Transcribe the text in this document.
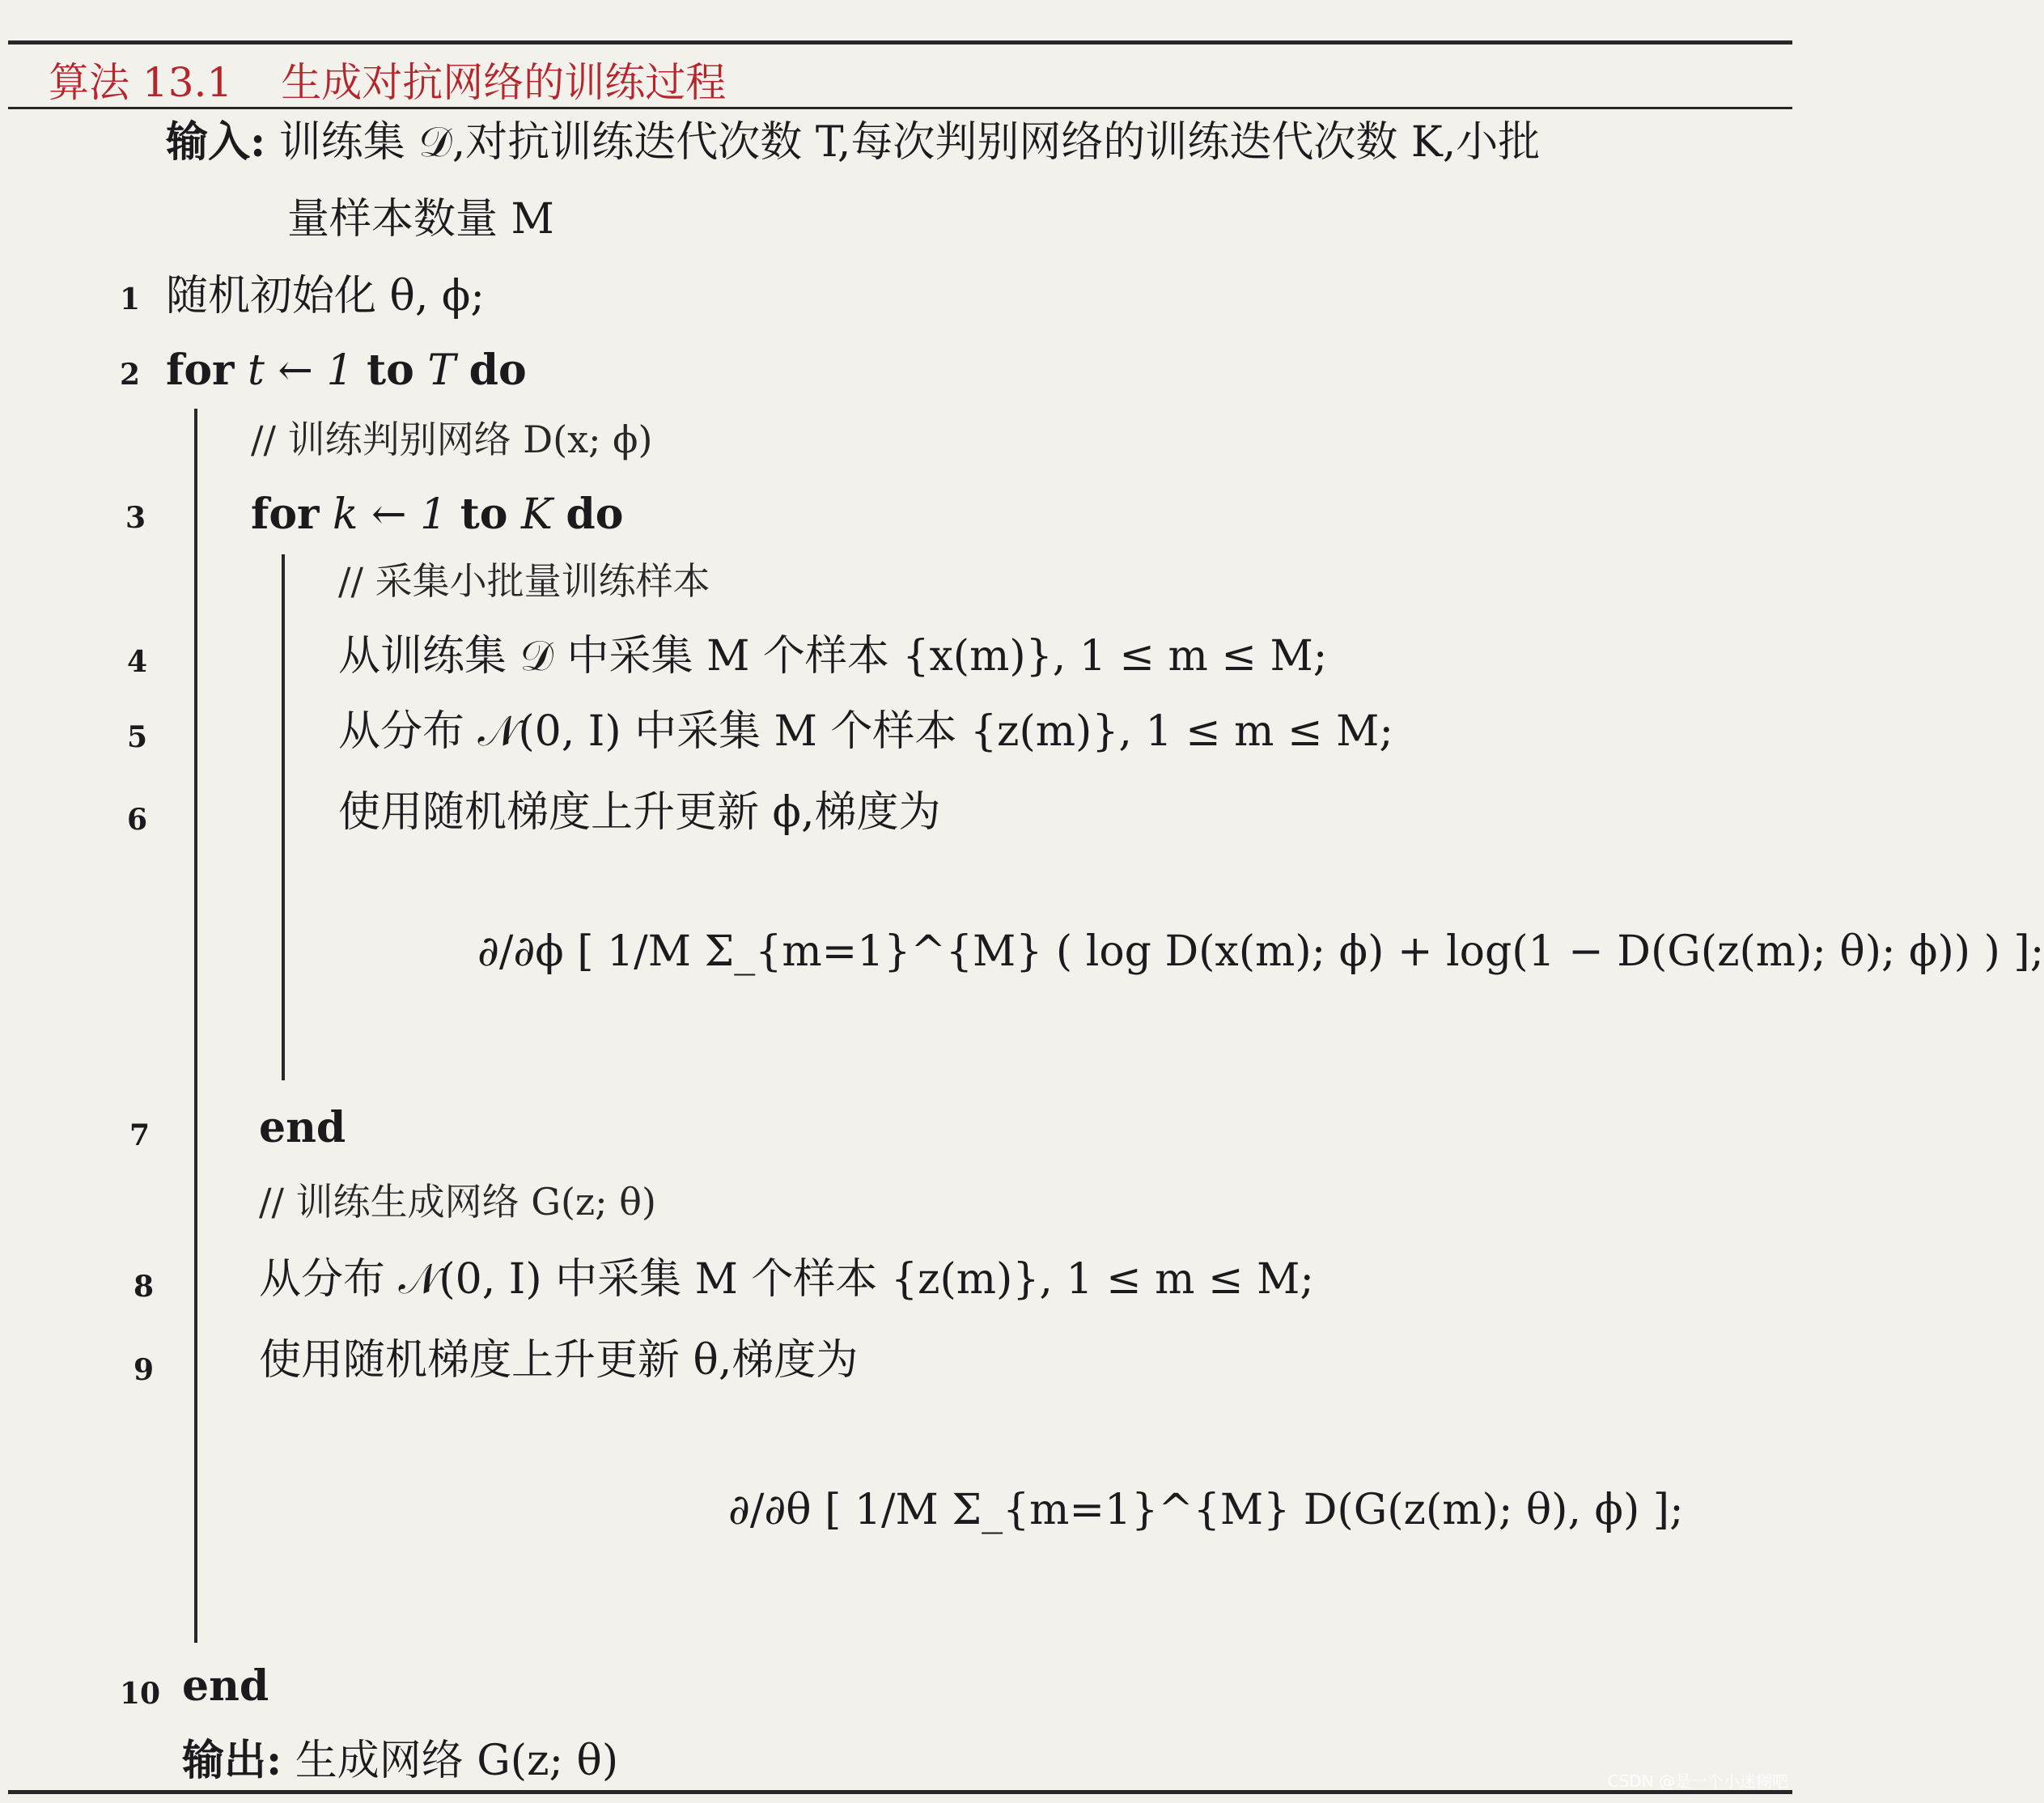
算法 13.1 生成对抗网络的训练过程
输入: 训练集 𝒟,对抗训练迭代次数 T,每次判别网络的训练迭代次数 K,小批
量样本数量 M
1 随机初始化 θ, ϕ;
2 for t ← 1 to T do
// 训练判别网络 D(x; ϕ)
3 for k ← 1 to K do
// 采集小批量训练样本
4	从训练集 𝒟 中采集 M 个样本 {x(m)}, 1 ≤ m ≤ M;
5	从分布 𝒩(0, I) 中采集 M 个样本 {z(m)}, 1 ≤ m ≤ M;
6	使用随机梯度上升更新 ϕ,梯度为
∂/∂ϕ [ 1/M Σ_{m=1}^{M} ( log D(x(m); ϕ) + log(1 − D(G(z(m); θ); ϕ)) ) ];
7	end
// 训练生成网络 G(z; θ)
8 从分布 𝒩(0, I) 中采集 M 个样本 {z(m)}, 1 ≤ m ≤ M;
9 使用随机梯度上升更新 θ,梯度为
∂/∂θ [ 1/M Σ_{m=1}^{M} D(G(z(m); θ), ϕ) ];
10 end
输出: 生成网络 G(z; θ)	CSDN @是一个小迷糊吧
